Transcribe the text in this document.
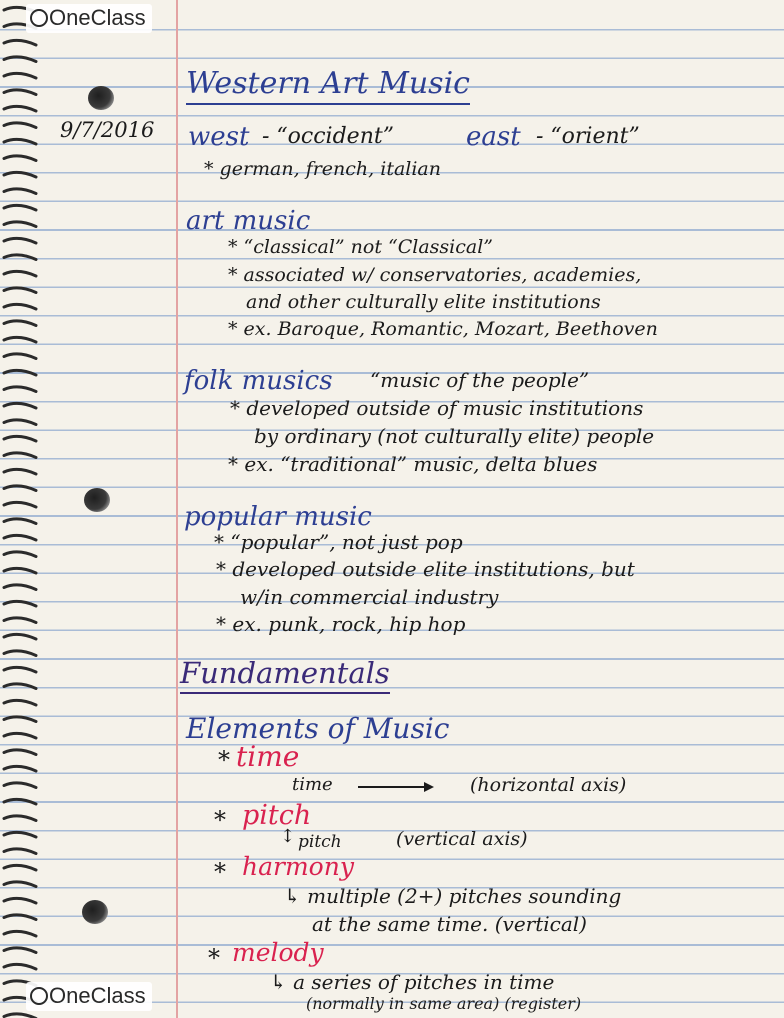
OneClass
OneClass
9/7/2016
Western Art Music
west - “occident”	east - “orient”
* german, french, italian
art music
* “classical” not “Classical”
* associated w/ conservatories, academies,
and other culturally elite institutions
* ex. Baroque, Romantic, Mozart, Beethoven
folk musics “music of the people”
* developed outside of music institutions
by ordinary (not culturally elite) people
* ex. “traditional” music, delta blues
popular music
* “popular”, not just pop
* developed outside elite institutions, but
w/in commercial industry
* ex. punk, rock, hip hop
Fundamentals
Elements of Music
* time
time	(horizontal axis)
* pitch
↕ pitch	(vertical axis)
* harmony
↳ multiple (2+) pitches sounding
at the same time. (vertical)
* melody
↳ a series of pitches in time
(normally in same area) (register)
